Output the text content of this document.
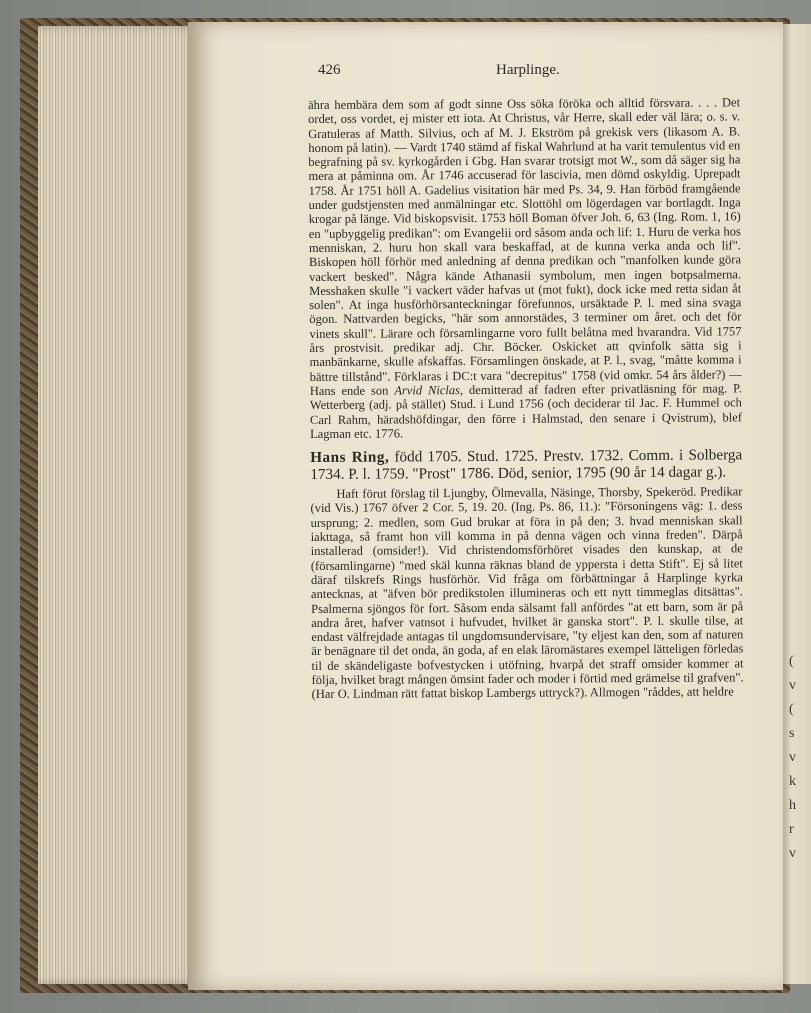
(
v
(
s
v
k
h
r
v
426	Harplinge.

ähra hembära dem som af godt sinne Oss söka föröka och alltid försvara. . . . Det ordet, oss vordet, ej mister ett iota. At Christus, vår Herre, skall eder väl lära; o. s. v. Gratuleras af Matth. Silvius, och af M. J. Ekström på grekisk vers (likasom A. B. honom på latin). — Vardt 1740 stämd af fiskal Wahrlund at ha varit temulentus vid en begrafning på sv. kyrkogården i Gbg. Han svarar trotsigt mot W., som då säger sig ha mera at påminna om. År 1746 accuserad för lascivia, men dömd oskyldig. Uprepadt 1758. År 1751 höll A. Gadelius visitation här med Ps. 34, 9. Han förböd framgående under gudstjensten med anmälningar etc. Slottöhl om lögerdagen var bortlagdt. Inga krogar på länge. Vid biskopsvisit. 1753 höll Boman öfver Joh. 6, 63 (Ing. Rom. 1, 16) en "upbyggelig predikan": om Evangelii ord såsom anda och lif: 1. Huru de verka hos menniskan, 2. huru hon skall vara beskaffad, at de kunna verka anda och lif". Biskopen höll förhör med anledning af denna predikan och "manfolken kunde göra vackert besked". Några kände Athanasii symbolum, men ingen botpsalmerna. Messhaken skulle "i vackert väder hafvas ut (mot fukt), dock icke med retta sidan åt solen". At inga husförhörsanteckningar förefunnos, ursäktade P. l. med sina svaga ögon. Nattvarden begicks, "här som annorstädes, 3 terminer om året. och det för vinets skull". Lärare och församlingarne voro fullt belåtna med hvarandra. Vid 1757 års prostvisit. predikar adj. Chr. Böcker. Oskicket att qvinfolk sätta sig i manbänkarne, skulle afskaffas. Församlingen önskade, at P. l., svag, "måtte komma i bättre tillstånd". Förklaras i DC:t vara "decrepitus" 1758 (vid omkr. 54 års ålder?) — Hans ende son Arvid Niclas, demitterad af fadren efter privatläsning för mag. P. Wetterberg (adj. på stället) Stud. i Lund 1756 (och deciderar til Jac. F. Hummel och Carl Rahm, häradshöfdingar, den förre i Halmstad, den senare i Qvistrum), blef Lagman etc. 1776.

Hans Ring, född 1705. Stud. 1725. Prestv. 1732. Comm. i Solberga 1734. P. l. 1759. "Prost" 1786. Död, senior, 1795 (90 år 14 dagar g.).

Haft förut förslag til Ljungby, Ölmevalla, Näsinge, Thorsby, Spekeröd. Predikar (vid Vis.) 1767 öfver 2 Cor. 5, 19. 20. (Ing. Ps. 86, 11.): "Försoningens väg: 1. dess ursprung; 2. medlen, som Gud brukar at föra in på den; 3. hvad menniskan skall iakttaga, så framt hon vill komma in på denna vägen och vinna freden". Därpå installerad (omsider!). Vid christendomsförhöret visades den kunskap, at de (församlingarne) "med skäl kunna räknas bland de yppersta i detta Stift". Ej så litet däraf tilskrefs Rings husförhör. Vid fråga om förbättningar å Harplinge kyrka antecknas, at "äfven bör predikstolen illumineras och ett nytt timmeglas ditsättas". Psalmerna sjöngos för fort. Såsom enda sälsamt fall anfördes "at ett barn, som är på andra året, hafver vatnsot i hufvudet, hvilket är ganska stort". P. l. skulle tilse, at endast välfrejdade antagas til ungdomsundervisare, "ty eljest kan den, som af naturen är benägnare til det onda, än goda, af en elak läromästares exempel lätteligen förledas til de skändeligaste bofvestycken i utöfning, hvarpå det straff omsider kommer at följa, hvilket bragt mången ömsint fader och moder i förtid med grämelse til grafven". (Har O. Lindman rätt fattat biskop Lambergs uttryck?). Allmogen "råddes, att heldre
